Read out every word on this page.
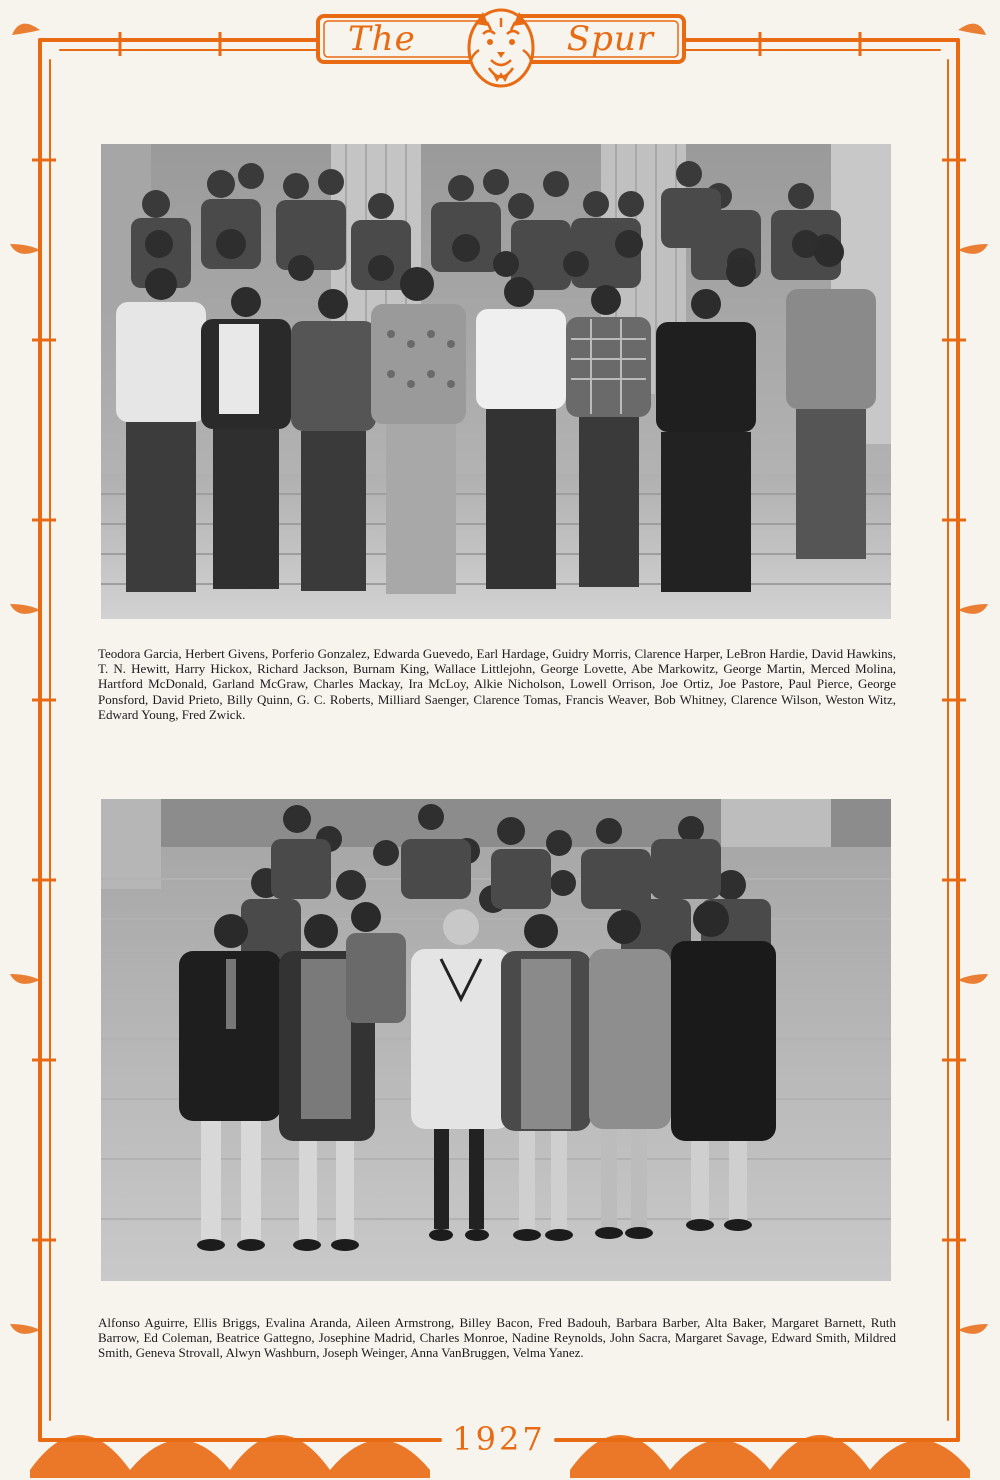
The	Spur

Teodora Garcia, Herbert Givens, Porferio Gonzalez, Edwarda Guevedo, Earl Hardage, Guidry Morris, Clarence Harper, LeBron Hardie, David Hawkins, T. N. Hewitt, Harry Hickox, Richard Jackson, Burnam King, Wallace Littlejohn, George Lovette, Abe Markowitz, George Martin, Merced Molina, Hartford McDonald, Garland McGraw, Charles Mackay, Ira McLoy, Alkie Nicholson, Lowell Orrison, Joe Ortiz, Joe Pastore, Paul Pierce, George Ponsford, David Prieto, Billy Quinn, G. C. Roberts, Milliard Saenger, Clarence Tomas, Francis Weaver, Bob Whitney, Clarence Wilson, Weston Witz, Edward Young, Fred Zwick.

Alfonso Aguirre, Ellis Briggs, Evalina Aranda, Aileen Armstrong, Billey Bacon, Fred Badouh, Barbara Barber, Alta Baker, Margaret Barnett, Ruth Barrow, Ed Coleman, Beatrice Gattegno, Josephine Madrid, Charles Monroe, Nadine Reynolds, John Sacra, Margaret Savage, Edward Smith, Mildred Smith, Geneva Strovall, Alwyn Washburn, Joseph Weinger, Anna VanBruggen, Velma Yanez.

1927
